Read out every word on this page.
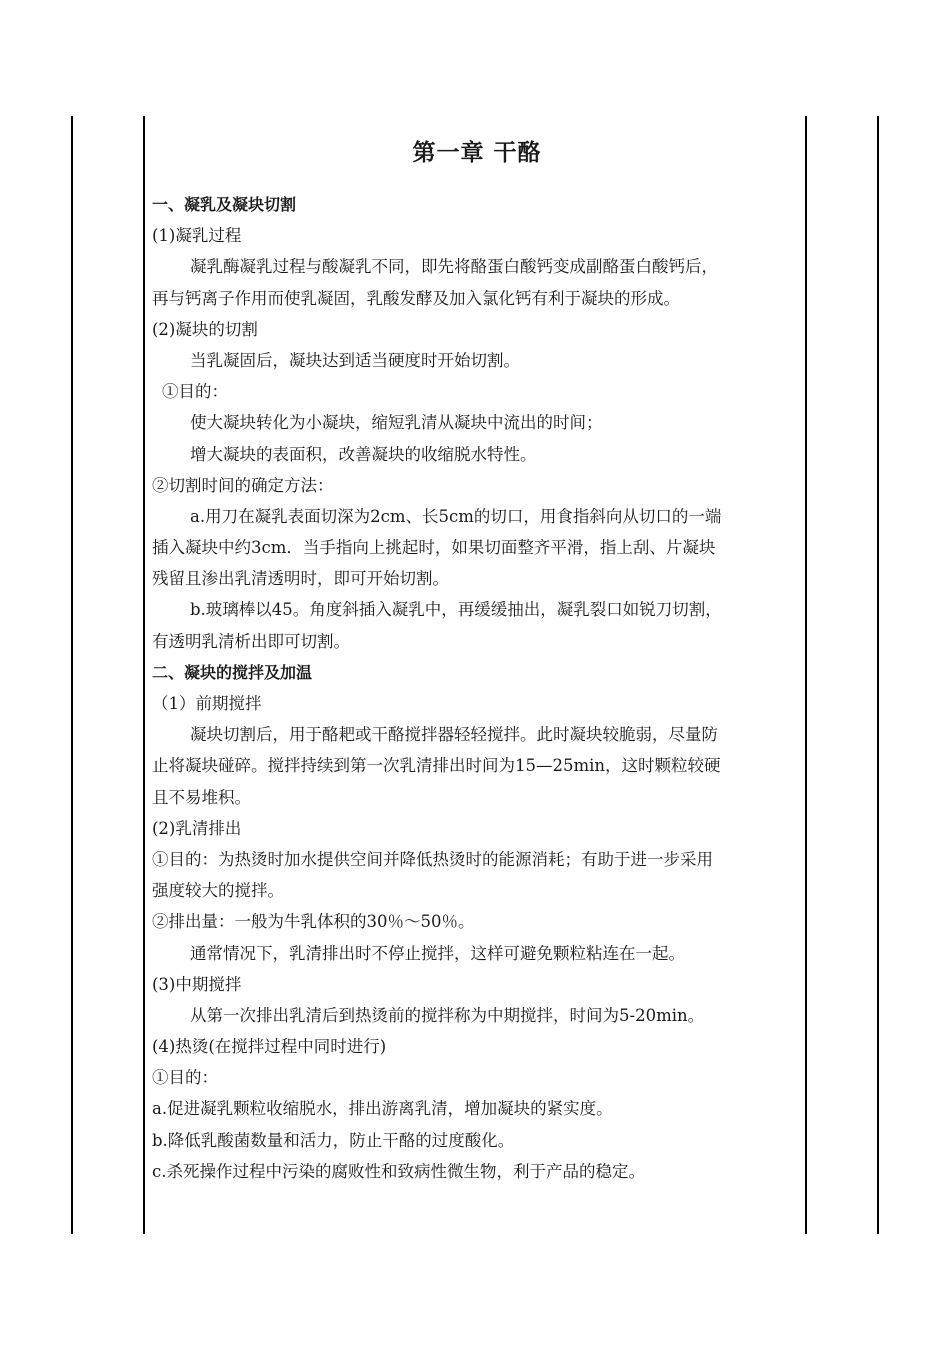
第一章 干酪
一、凝乳及凝块切割
(1)凝乳过程
凝乳酶凝乳过程与酸凝乳不同，即先将酪蛋白酸钙变成副酪蛋白酸钙后，
再与钙离子作用而使乳凝固，乳酸发酵及加入氯化钙有利于凝块的形成。
(2)凝块的切割
当乳凝固后，凝块达到适当硬度时开始切割。
①目的：
使大凝块转化为小凝块，缩短乳清从凝块中流出的时间；
增大凝块的表面积，改善凝块的收缩脱水特性。
②切割时间的确定方法：
a.用刀在凝乳表面切深为2cm、长5cm的切口，用食指斜向从切口的一端
插入凝块中约3cm．当手指向上挑起时，如果切面整齐平滑，指上刮、片凝块
残留且渗出乳清透明时，即可开始切割。
b.玻璃棒以45。角度斜插入凝乳中，再缓缓抽出，凝乳裂口如锐刀切割，
有透明乳清析出即可切割。
二、凝块的搅拌及加温
（1）前期搅拌
凝块切割后，用于酪耙或干酪搅拌器轻轻搅拌。此时凝块较脆弱，尽量防
止将凝块碰碎。搅拌持续到第一次乳清排出时间为15—25min，这时颗粒较硬
且不易堆积。
(2)乳清排出
①目的：为热烫时加水提供空间并降低热烫时的能源消耗；有助于进一步采用
强度较大的搅拌。
②排出量：一般为牛乳体积的30％～50％。
通常情况下，乳清排出时不停止搅拌，这样可避免颗粒粘连在一起。
(3)中期搅拌
从第一次排出乳清后到热烫前的搅拌称为中期搅拌，时间为5-20min。
(4)热烫(在搅拌过程中同时进行)
①目的：
a.促进凝乳颗粒收缩脱水，排出游离乳清，增加凝块的紧实度。
b.降低乳酸菌数量和活力，防止干酪的过度酸化。
c.杀死操作过程中污染的腐败性和致病性微生物，利于产品的稳定。
